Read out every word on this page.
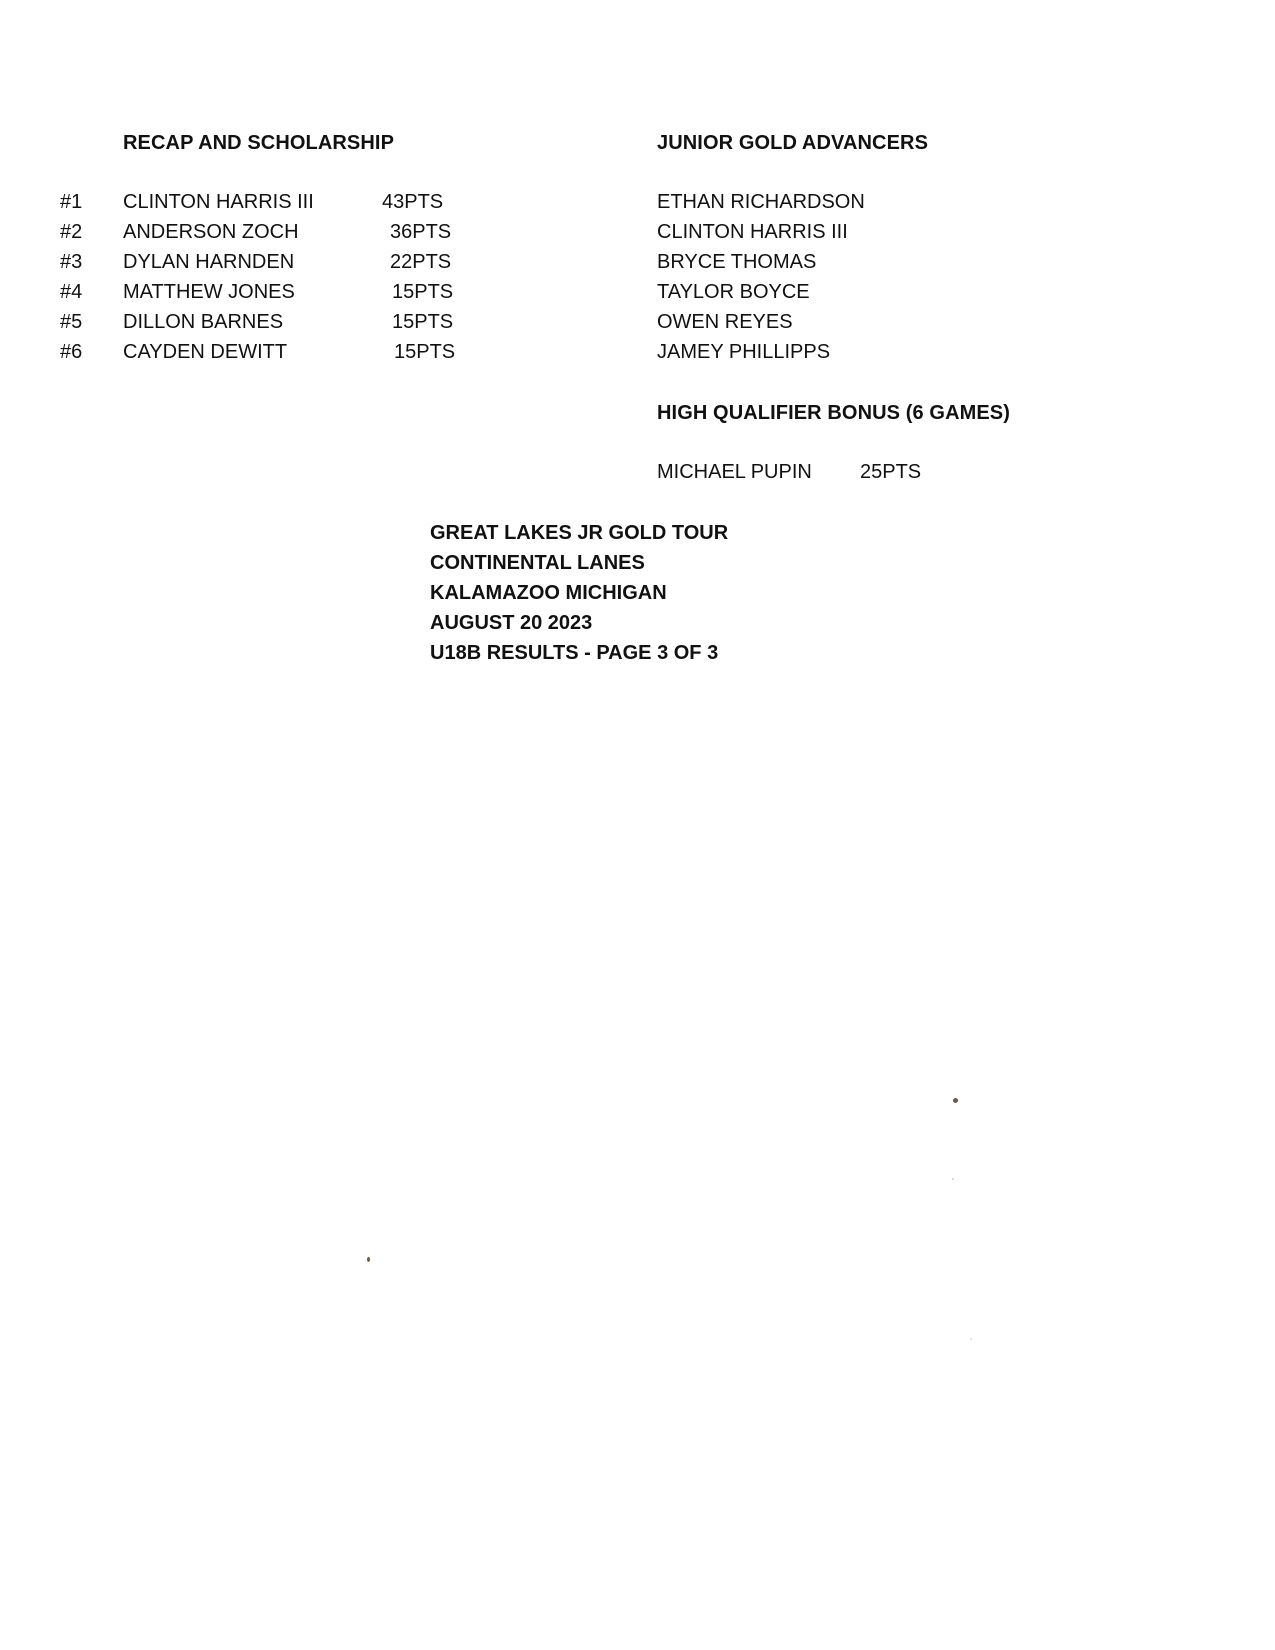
RECAP AND SCHOLARSHIP	JUNIOR GOLD ADVANCERS
#1 CLINTON HARRIS III	43PTS
#2 ANDERSON ZOCH	36PTS
#3 DYLAN HARNDEN	22PTS
#4 MATTHEW JONES	15PTS
#5 DILLON BARNES	15PTS
#6 CAYDEN DEWITT	15PTS
ETHAN RICHARDSON
CLINTON HARRIS III
BRYCE THOMAS
TAYLOR BOYCE
OWEN REYES
JAMEY PHILLIPPS
HIGH QUALIFIER BONUS (6 GAMES)
MICHAEL PUPIN 25PTS
GREAT LAKES JR GOLD TOUR
CONTINENTAL LANES
KALAMAZOO MICHIGAN
AUGUST 20 2023
U18B RESULTS - PAGE 3 OF 3
